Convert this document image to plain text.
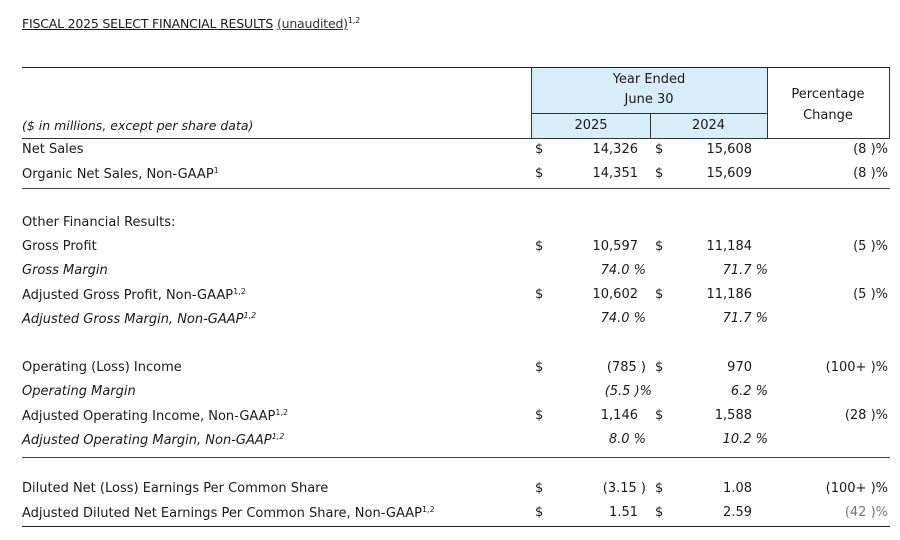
FISCAL 2025 SELECT FINANCIAL RESULTS (unaudited)$^{1,2}$
Year Ended
June 30
2025	2024
Percentage
Change
($ in millions, except per share data)
Net Sales	$	14,326 $	15,608	(8 )%
Organic Net Sales, Non-GAAP$^1$	$	14,351 $	15,609	(8 )%
Other Financial Results:
Gross Profit	$	10,597 $	11,184	(5 )%
Gross Margin	74.0 %	71.7 %
Adjusted Gross Profit, Non-GAAP$^{1,2}$	$	10,602 $	11,186	(5 )%
Adjusted Gross Margin, Non-GAAP$^{1,2}$	74.0 %	71.7 %
Operating (Loss) Income	$	(785 ) $	970	(100+ )%
Operating Margin	(5.5 )%	6.2 %
Adjusted Operating Income, Non-GAAP$^{1,2}$	$	1,146 $	1,588	(28 )%
Adjusted Operating Margin, Non-GAAP$^{1,2}$	8.0 %	10.2 %
Diluted Net (Loss) Earnings Per Common Share	$	(3.15 ) $	1.08	(100+ )%
Adjusted Diluted Net Earnings Per Common Share, Non-GAAP$^{1,2}$	$	1.51 $	2.59	(42 )%
